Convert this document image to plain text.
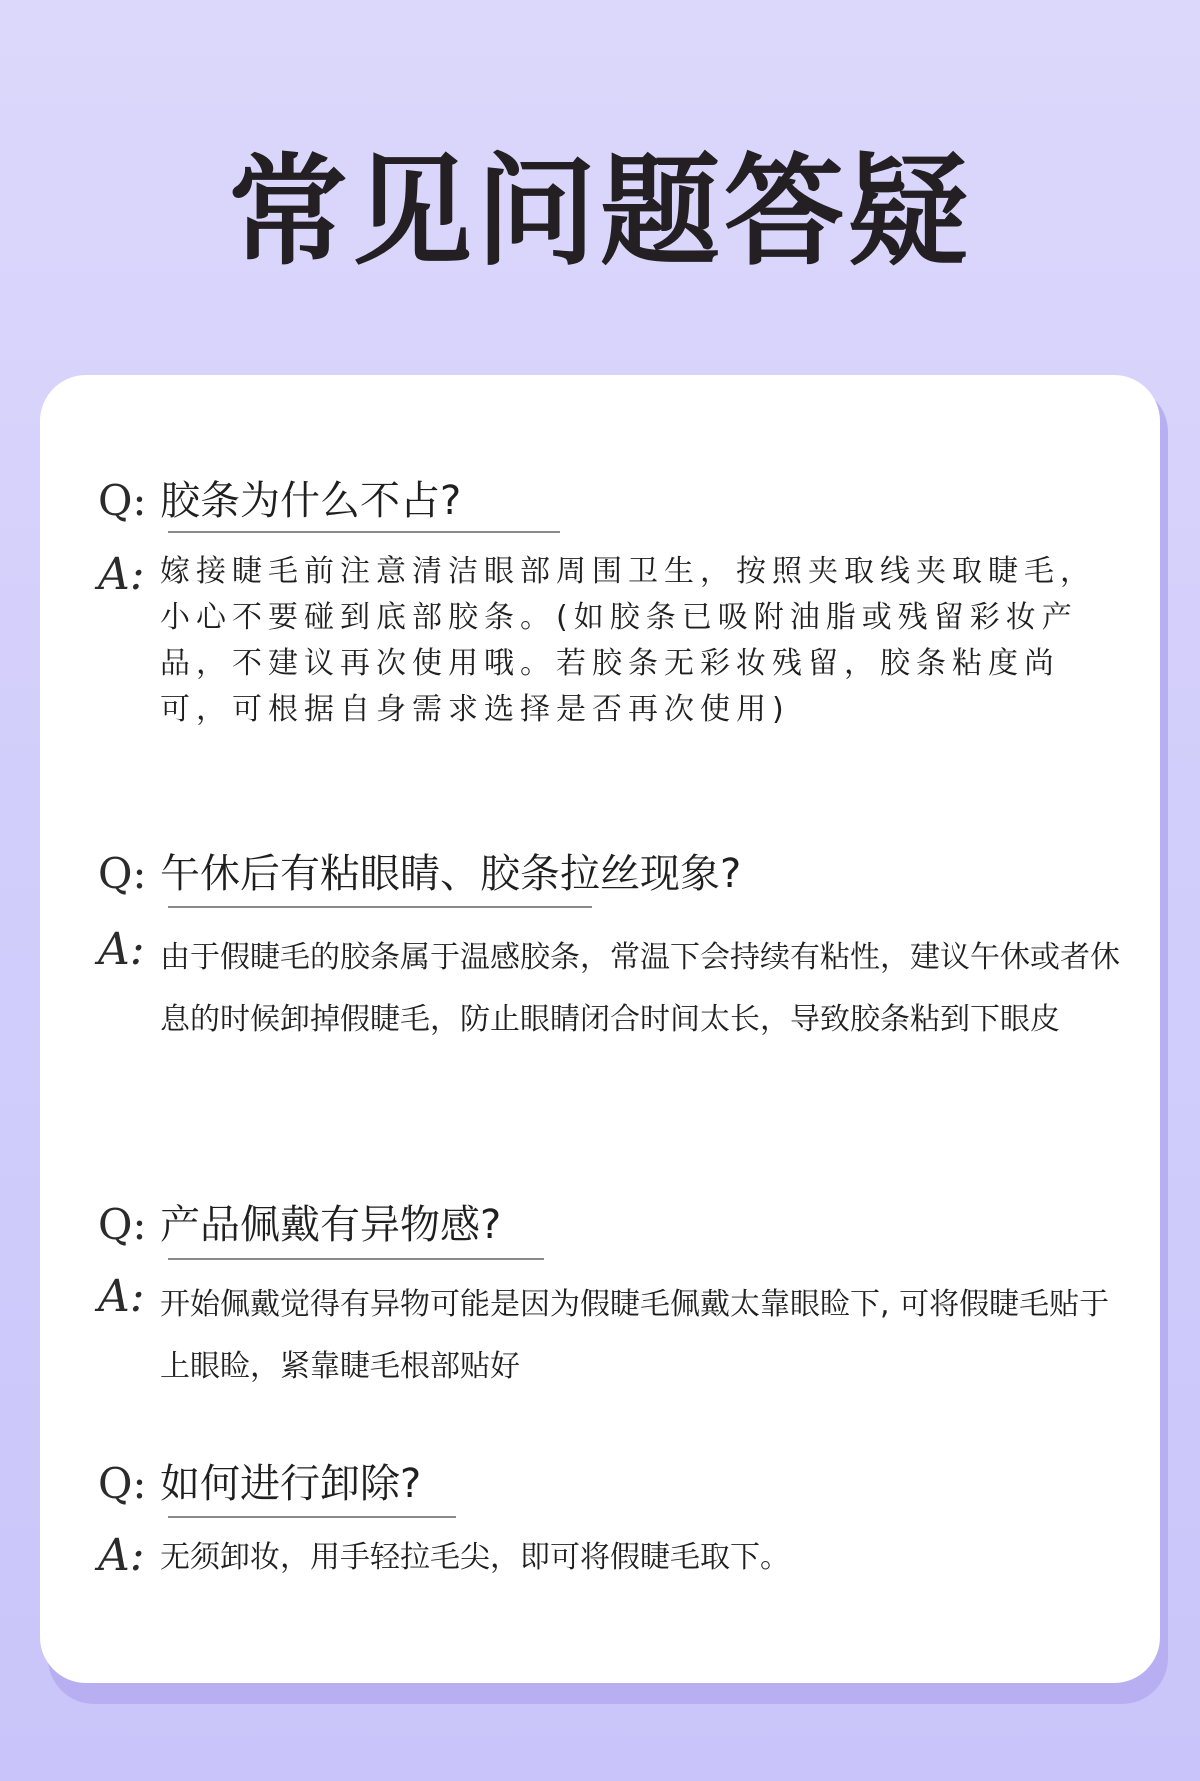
常见问题答疑
Q: 胶条为什么不占?
A: 嫁接睫毛前注意清洁眼部周围卫生，按照夹取线夹取睫毛，小心不要碰到底部胶条。(如胶条已吸附油脂或残留彩妆产品，不建议再次使用哦。若胶条无彩妆残留，胶条粘度尚可，可根据自身需求选择是否再次使用)
Q: 午休后有粘眼睛、胶条拉丝现象?
A: 由于假睫毛的胶条属于温感胶条，常温下会持续有粘性，建议午休或者休息的时候卸掉假睫毛，防止眼睛闭合时间太长，导致胶条粘到下眼皮
Q: 产品佩戴有异物感?
A: 开始佩戴觉得有异物可能是因为假睫毛佩戴太靠眼睑下, 可将假睫毛贴于上眼睑，紧靠睫毛根部贴好
Q: 如何进行卸除?
A: 无须卸妆，用手轻拉毛尖，即可将假睫毛取下。
